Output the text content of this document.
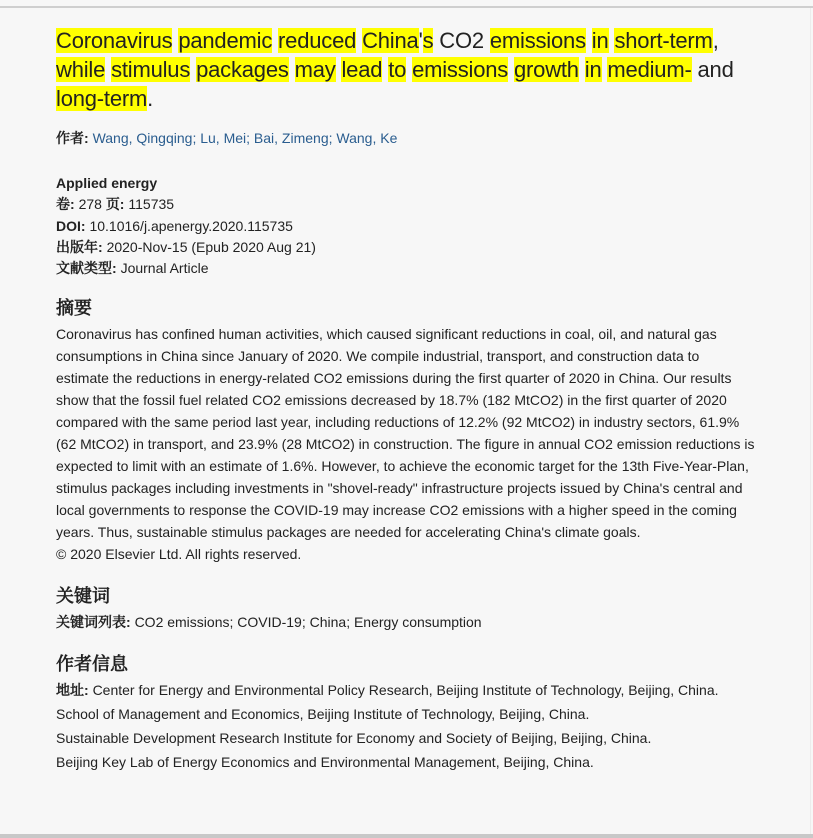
Coronavirus pandemic reduced China's CO2 emissions in short-term, while stimulus packages may lead to emissions growth in medium- and long-term.
作者: Wang, Qingqing; Lu, Mei; Bai, Zimeng; Wang, Ke
Applied energy
卷: 278 页: 115735
DOI: 10.1016/j.apenergy.2020.115735
出版年: 2020-Nov-15 (Epub 2020 Aug 21)
文献类型: Journal Article
摘要
Coronavirus has confined human activities, which caused significant reductions in coal, oil, and natural gas consumptions in China since January of 2020. We compile industrial, transport, and construction data to estimate the reductions in energy-related CO2 emissions during the first quarter of 2020 in China. Our results show that the fossil fuel related CO2 emissions decreased by 18.7% (182 MtCO2) in the first quarter of 2020 compared with the same period last year, including reductions of 12.2% (92 MtCO2) in industry sectors, 61.9% (62 MtCO2) in transport, and 23.9% (28 MtCO2) in construction. The figure in annual CO2 emission reductions is expected to limit with an estimate of 1.6%. However, to achieve the economic target for the 13th Five-Year-Plan, stimulus packages including investments in "shovel-ready" infrastructure projects issued by China's central and local governments to response the COVID-19 may increase CO2 emissions with a higher speed in the coming years. Thus, sustainable stimulus packages are needed for accelerating China's climate goals.
© 2020 Elsevier Ltd. All rights reserved.
关键词
关键词列表: CO2 emissions; COVID-19; China; Energy consumption
作者信息
地址: Center for Energy and Environmental Policy Research, Beijing Institute of Technology, Beijing, China.
School of Management and Economics, Beijing Institute of Technology, Beijing, China.
Sustainable Development Research Institute for Economy and Society of Beijing, Beijing, China.
Beijing Key Lab of Energy Economics and Environmental Management, Beijing, China.
